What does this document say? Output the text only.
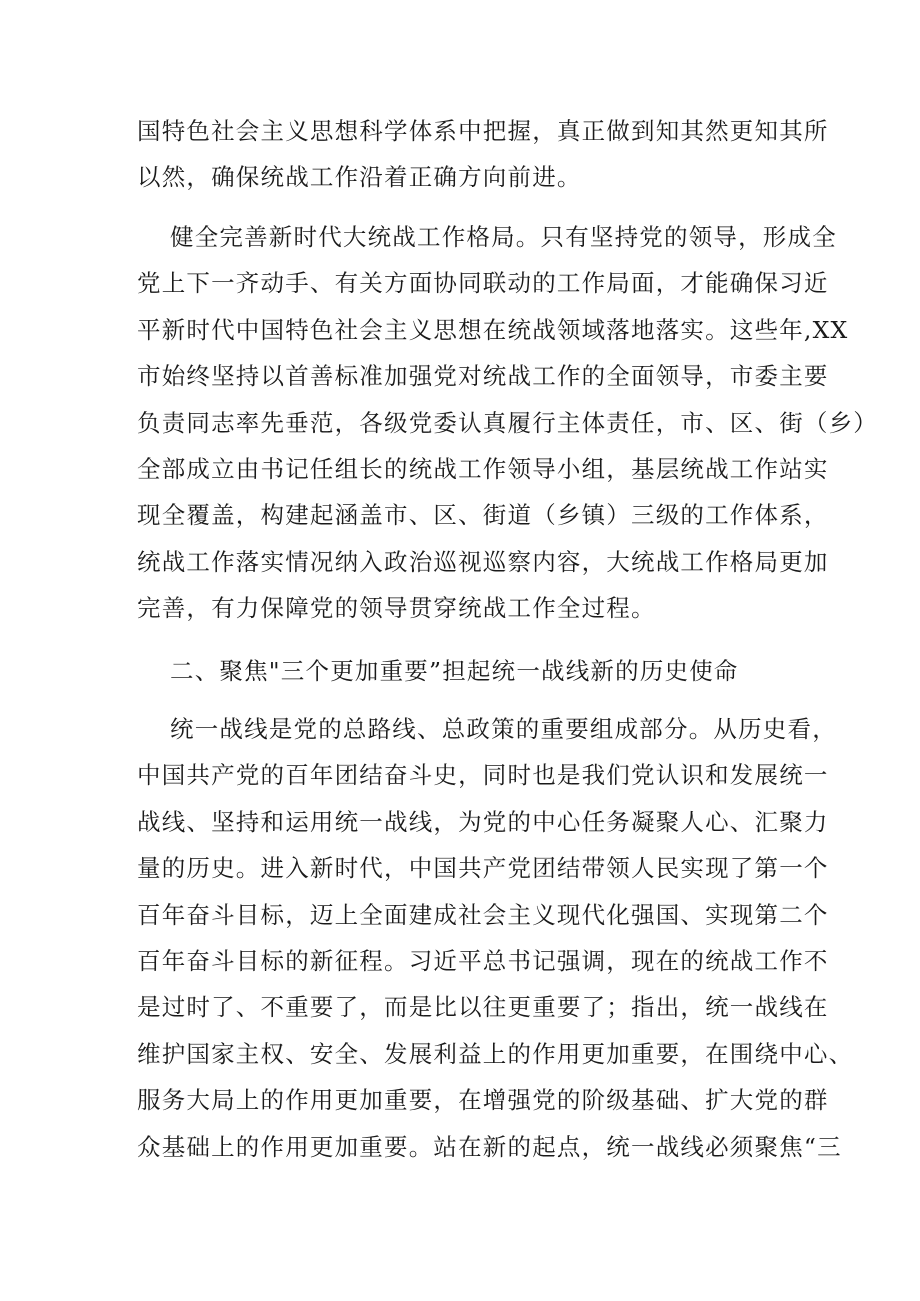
国特色社会主义思想科学体系中把握，真正做到知其然更知其所
以然，确保统战工作沿着正确方向前进。
健全完善新时代大统战工作格局。只有坚持党的领导，形成全
党上下一齐动手、有关方面协同联动的工作局面，才能确保习近
平新时代中国特色社会主义思想在统战领域落地落实。这些年,XX
市始终坚持以首善标准加强党对统战工作的全面领导，市委主要
负责同志率先垂范，各级党委认真履行主体责任，市、区、街（乡）
全部成立由书记任组长的统战工作领导小组，基层统战工作站实
现全覆盖，构建起涵盖市、区、街道（乡镇）三级的工作体系，
统战工作落实情况纳入政治巡视巡察内容，大统战工作格局更加
完善，有力保障党的领导贯穿统战工作全过程。
二、聚焦"三个更加重要”担起统一战线新的历史使命
统一战线是党的总路线、总政策的重要组成部分。从历史看，
中国共产党的百年团结奋斗史，同时也是我们党认识和发展统一
战线、坚持和运用统一战线，为党的中心任务凝聚人心、汇聚力
量的历史。进入新时代，中国共产党团结带领人民实现了第一个
百年奋斗目标，迈上全面建成社会主义现代化强国、实现第二个
百年奋斗目标的新征程。习近平总书记强调，现在的统战工作不
是过时了、不重要了，而是比以往更重要了；指出，统一战线在
维护国家主权、安全、发展利益上的作用更加重要，在围绕中心、
服务大局上的作用更加重要，在增强党的阶级基础、扩大党的群
众基础上的作用更加重要。站在新的起点，统一战线必须聚焦“三
